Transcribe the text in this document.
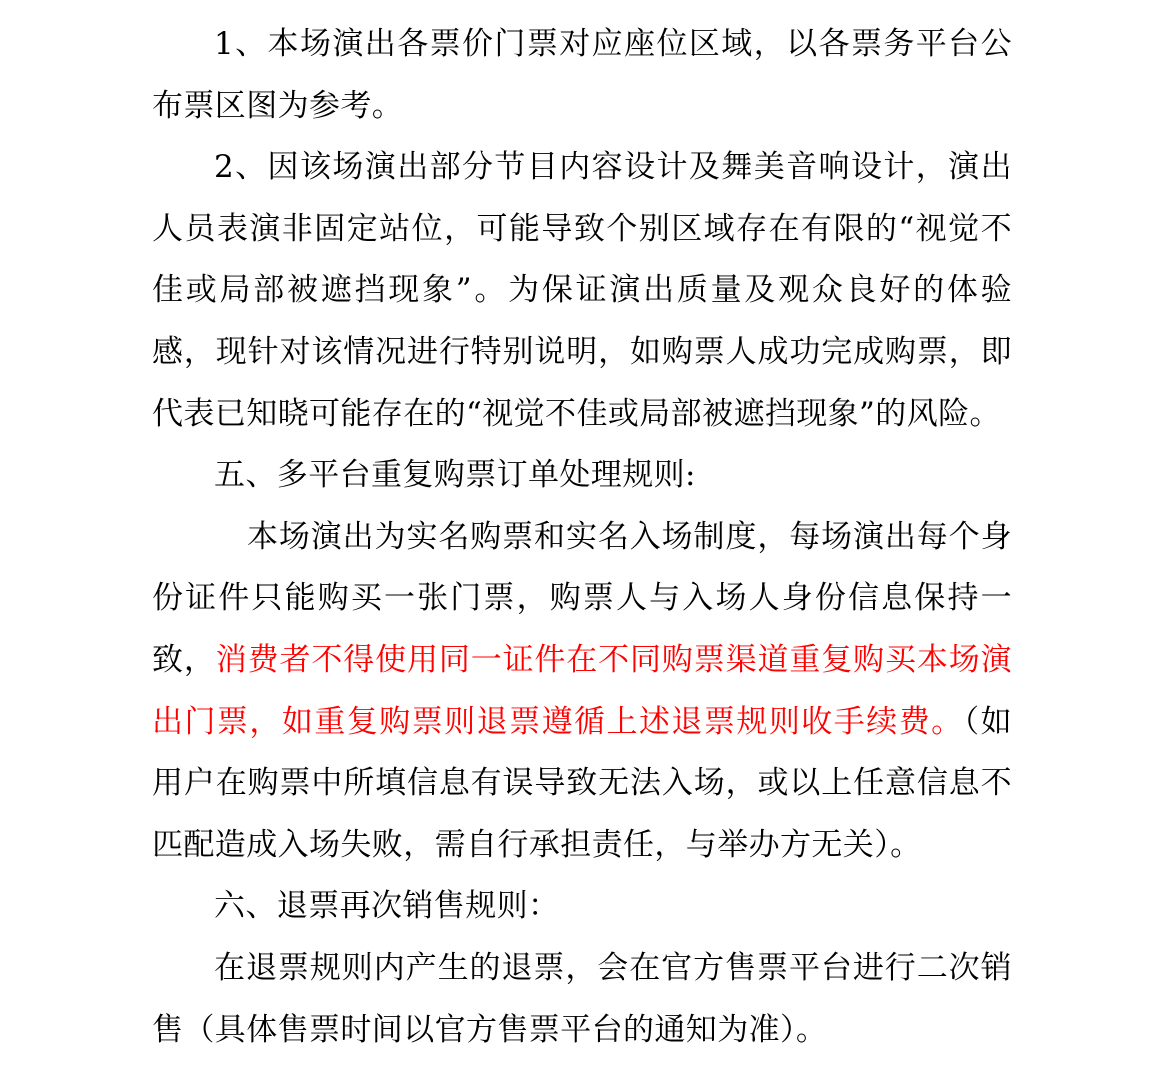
1、本场演出各票价门票对应座位区域，以各票务平台公布票区图为参考。

2、因该场演出部分节目内容设计及舞美音响设计，演出人员表演非固定站位，可能导致个别区域存在有限的“视觉不佳或局部被遮挡现象”。为保证演出质量及观众良好的体验感，现针对该情况进行特别说明，如购票人成功完成购票，即代表已知晓可能存在的“视觉不佳或局部被遮挡现象”的风险。

五、多平台重复购票订单处理规则:

本场演出为实名购票和实名入场制度，每场演出每个身份证件只能购买一张门票，购票人与入场人身份信息保持一致，消费者不得使用同一证件在不同购票渠道重复购买本场演出门票，如重复购票则退票遵循上述退票规则收手续费。（如用户在购票中所填信息有误导致无法入场，或以上任意信息不匹配造成入场失败，需自行承担责任，与举办方无关）。

六、退票再次销售规则：

在退票规则内产生的退票，会在官方售票平台进行二次销售（具体售票时间以官方售票平台的通知为准）。
